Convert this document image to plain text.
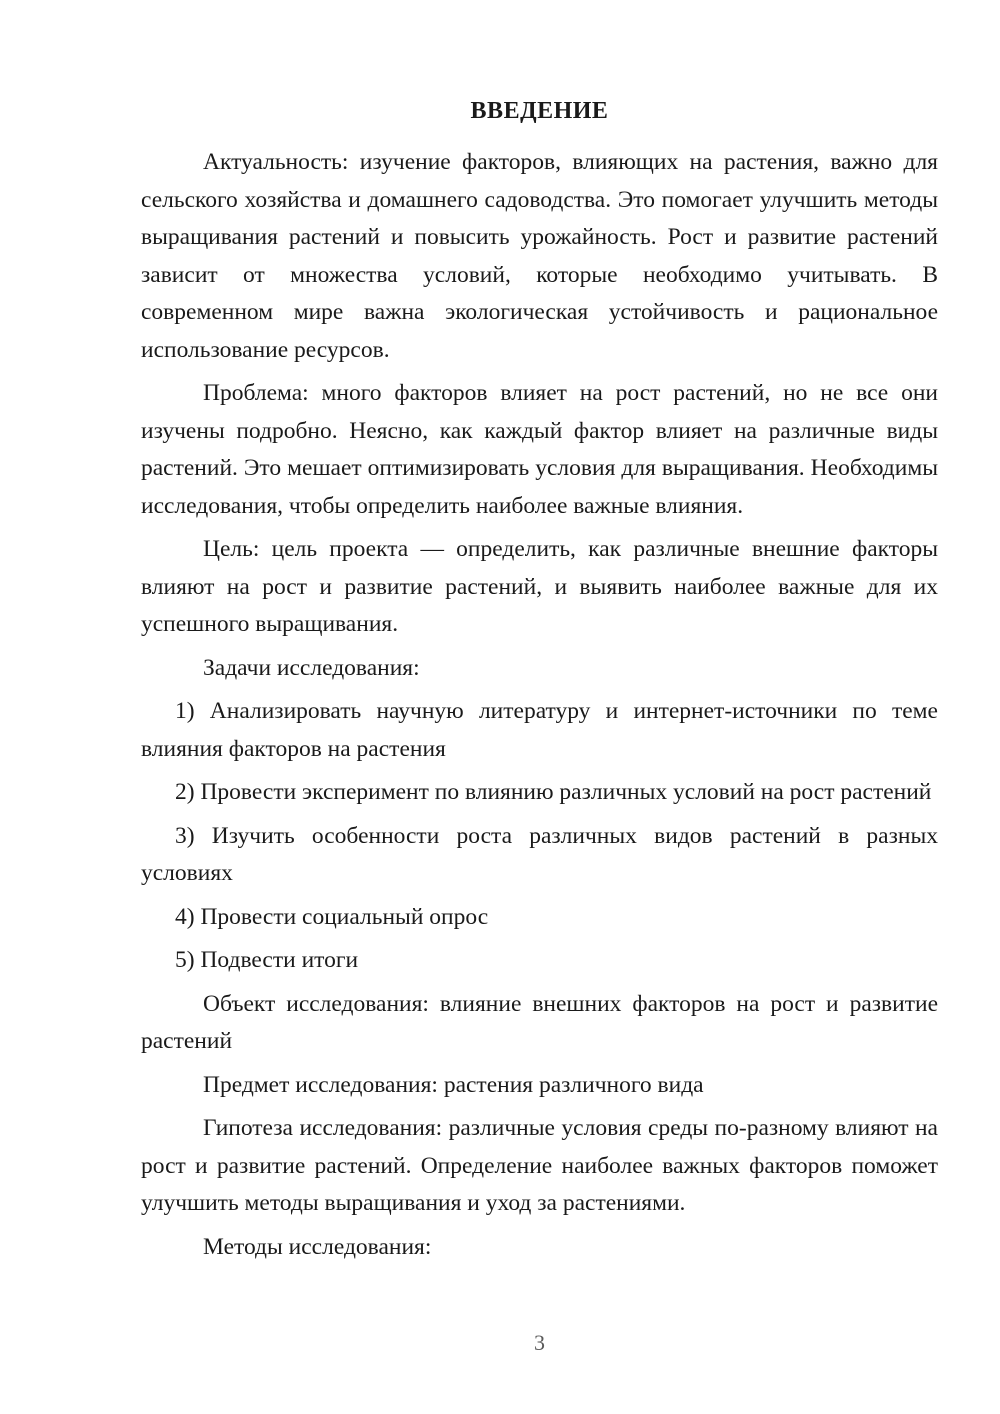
ВВЕДЕНИЕ

Актуальность: изучение факторов, влияющих на растения, важно для сельского хозяйства и домашнего садоводства. Это помогает улучшить методы выращивания растений и повысить урожайность. Рост и развитие растений зависит от множества условий, которые необходимо учитывать. В современном мире важна экологическая устойчивость и рациональное использование ресурсов.

Проблема: много факторов влияет на рост растений, но не все они изучены подробно. Неясно, как каждый фактор влияет на различные виды растений. Это мешает оптимизировать условия для выращивания. Необходимы исследования, чтобы определить наиболее важные влияния.

Цель: цель проекта — определить, как различные внешние факторы влияют на рост и развитие растений, и выявить наиболее важные для их успешного выращивания.

Задачи исследования:

1) Анализировать научную литературу и интернет-источники по теме влияния факторов на растения

2) Провести эксперимент по влиянию различных условий на рост растений

3) Изучить особенности роста различных видов растений в разных условиях

4) Провести социальный опрос

5) Подвести итоги

Объект исследования: влияние внешних факторов на рост и развитие растений

Предмет исследования: растения различного вида

Гипотеза исследования: различные условия среды по-разному влияют на рост и развитие растений. Определение наиболее важных факторов поможет улучшить методы выращивания и уход за растениями.

Методы исследования:

3
